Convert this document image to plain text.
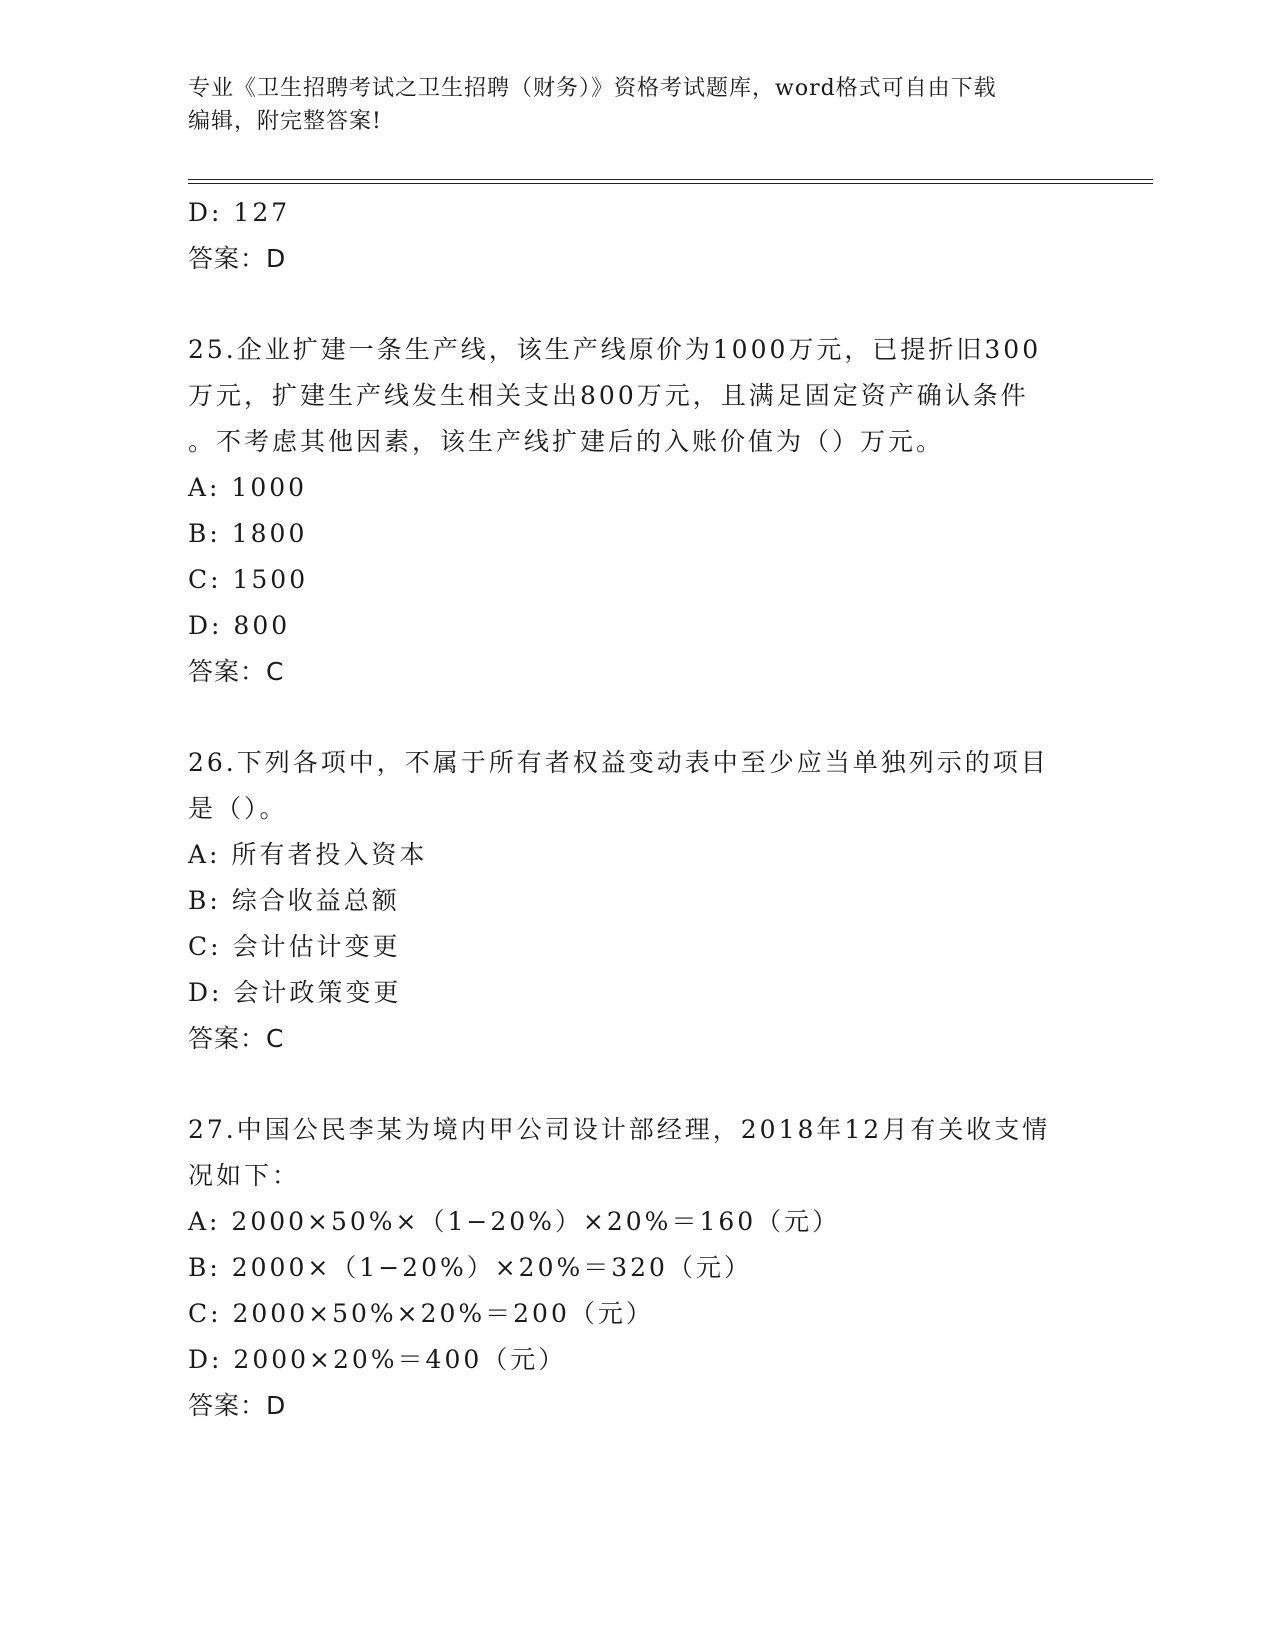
专业《卫生招聘考试之卫生招聘（财务）》资格考试题库，word格式可自由下载
编辑，附完整答案!
D: 127
答案：D
25.企业扩建一条生产线，该生产线原价为1000万元，已提折旧300
万元，扩建生产线发生相关支出800万元，且满足固定资产确认条件
。不考虑其他因素，该生产线扩建后的入账价值为（）万元。
A: 1000
B: 1800
C: 1500
D: 800
答案：C
26.下列各项中，不属于所有者权益变动表中至少应当单独列示的项目
是（）。
A: 所有者投入资本
B: 综合收益总额
C: 会计估计变更
D: 会计政策变更
答案：C
27.中国公民李某为境内甲公司设计部经理，2018年12月有关收支情
况如下：
A: 2000×50%×（1−20%）×20%＝160（元）
B: 2000×（1−20%）×20%＝320（元）
C: 2000×50%×20%＝200（元）
D: 2000×20%＝400（元）
答案：D
